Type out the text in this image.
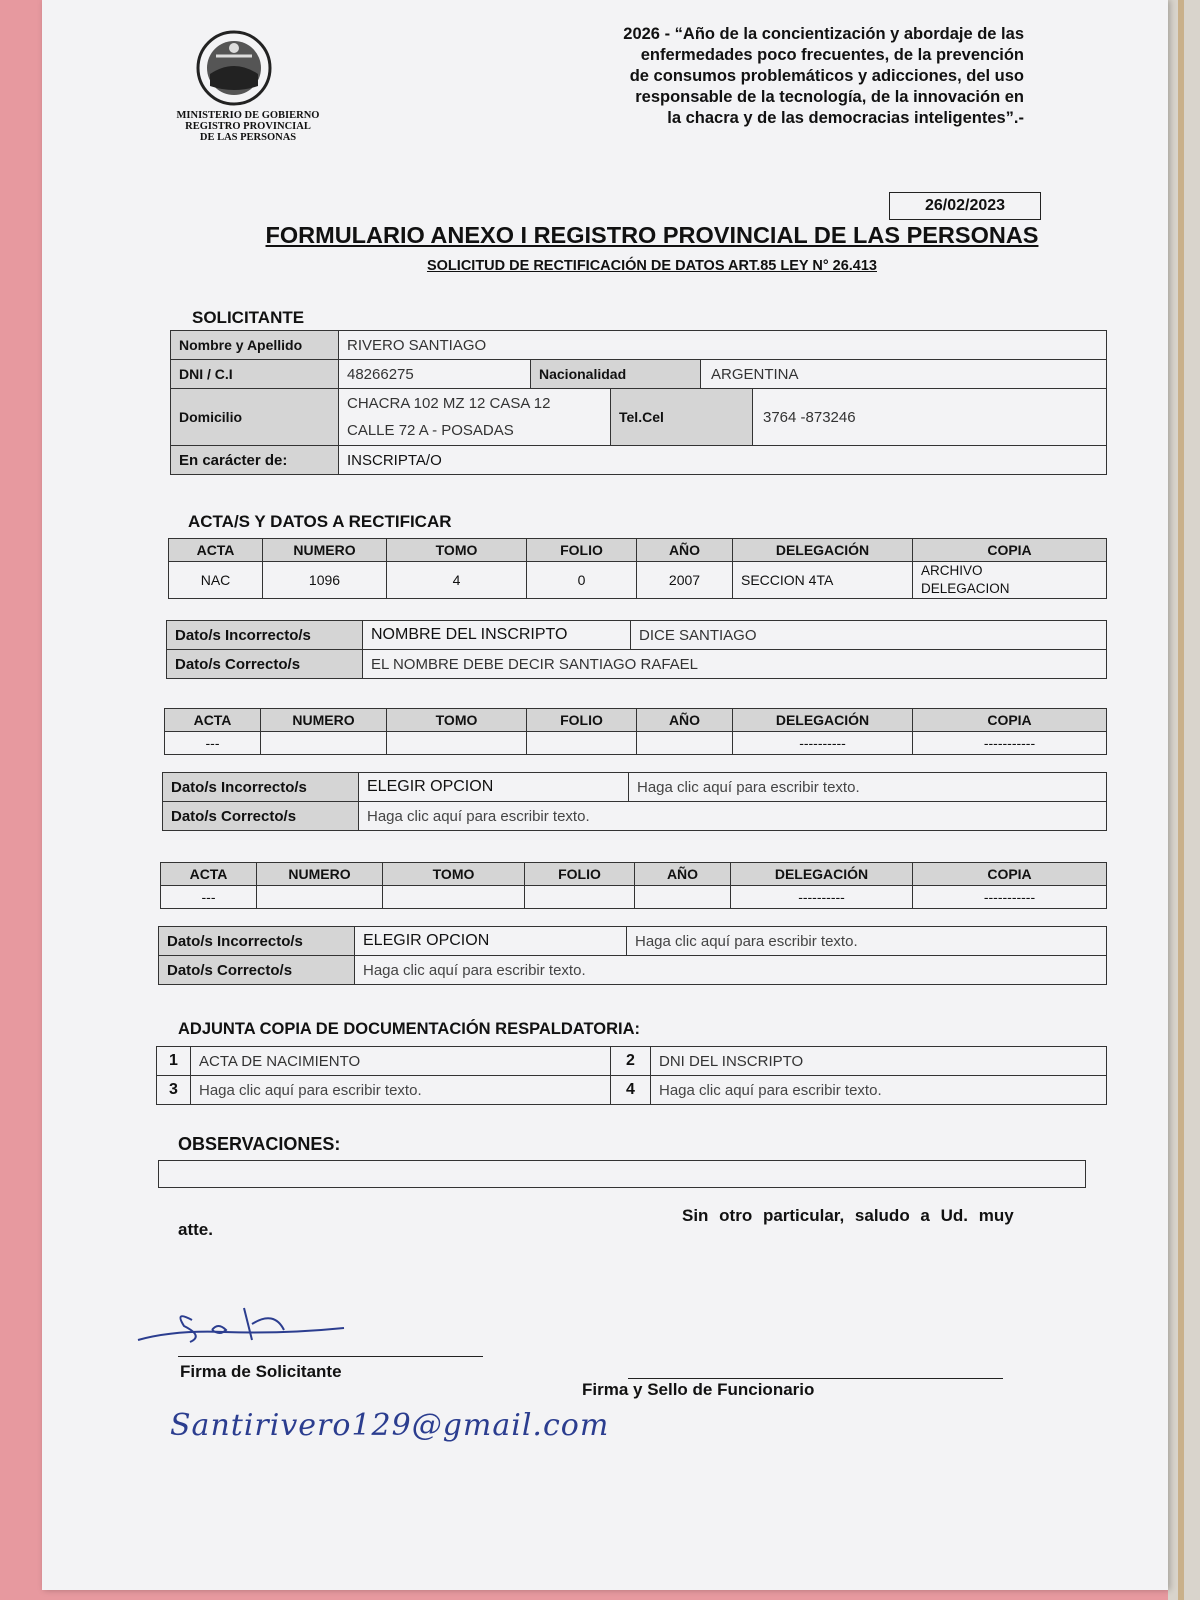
MINISTERIO DE GOBIERNO
REGISTRO PROVINCIAL
DE LAS PERSONAS
2026 - “Año de la concientización y abordaje de las
enfermedades poco frecuentes, de la prevención
de consumos problemáticos y adicciones, del uso
responsable de la tecnología, de la innovación en
la chacra y de las democracias inteligentes”.-
26/02/2023
FORMULARIO ANEXO I REGISTRO PROVINCIAL DE LAS PERSONAS
SOLICITUD DE RECTIFICACIÓN DE DATOS ART.85 LEY N° 26.413
SOLICITANTE
Nombre y Apellido	RIVERO SANTIAGO				
DNI / C.I	48266275	Nacionalidad		ARGENTINA	
Domicilio	CHACRA 102 MZ 12 CASA 12
CALLE 72 A - POSADAS		Tel.Cel		3764 -873246
En carácter de:	INSCRIPTA/O				
ACTA/S Y DATOS A RECTIFICAR
ACTA	NUMERO	TOMO	FOLIO	AÑO	DELEGACIÓN	COPIA
NAC	1096	4	0	2007	SECCION 4TA	ARCHIVO
DELEGACION
Dato/s Incorrecto/s	NOMBRE DEL INSCRIPTO	DICE SANTIAGO
Dato/s Correcto/s	EL NOMBRE DEBE DECIR SANTIAGO RAFAEL	
ACTA	NUMERO	TOMO	FOLIO	AÑO	DELEGACIÓN	COPIA
---					----------	-----------
Dato/s Incorrecto/s	ELEGIR OPCION	Haga clic aquí para escribir texto.
Dato/s Correcto/s	Haga clic aquí para escribir texto.	
ACTA	NUMERO	TOMO	FOLIO	AÑO	DELEGACIÓN	COPIA
---					----------	-----------
Dato/s Incorrecto/s	ELEGIR OPCION	Haga clic aquí para escribir texto.
Dato/s Correcto/s	Haga clic aquí para escribir texto.	
ADJUNTA COPIA DE DOCUMENTACIÓN RESPALDATORIA:
1	ACTA DE NACIMIENTO	2	DNI DEL INSCRIPTO
3	Haga clic aquí para escribir texto.	4	Haga clic aquí para escribir texto.
OBSERVACIONES:
Sin otro particular, saludo a Ud. muy
atte.
Firma de Solicitante
Firma y Sello de Funcionario
Santirivero129@gmail.com
